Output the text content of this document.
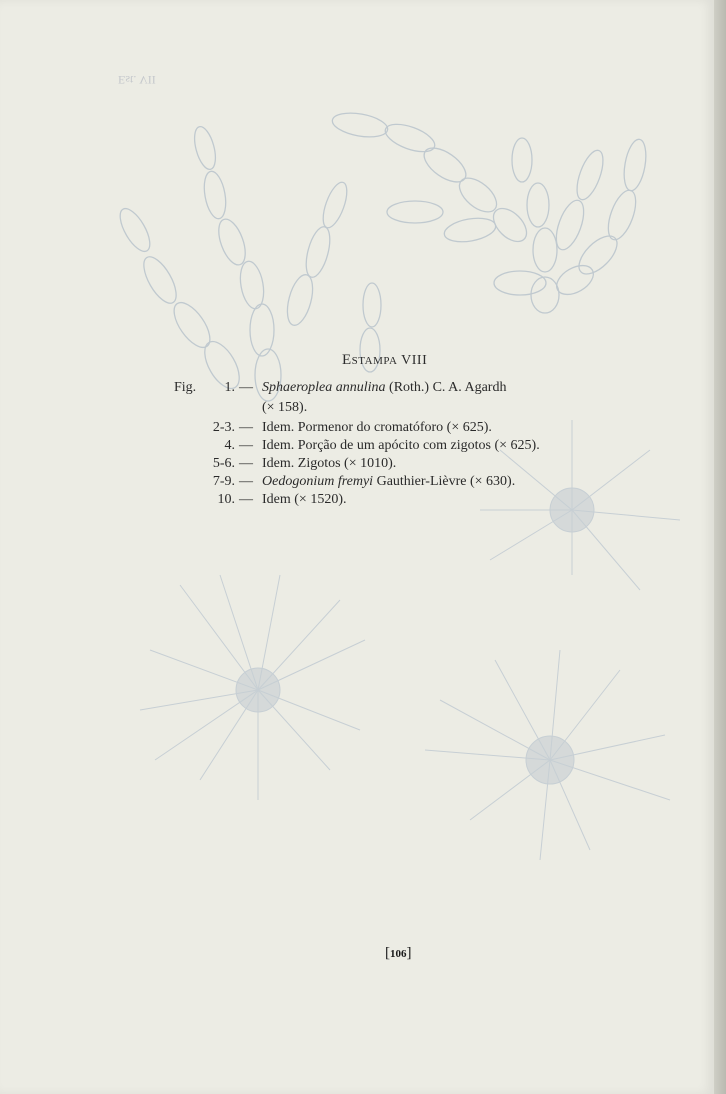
Est. VII
Estampa VIII
Fig.	1. — Sphaeroplea annulina (Roth.) C. A. Agardh
(× 158).
2-3. — Idem. Pormenor do cromatóforo (× 625).
4. — Idem. Porção de um apócito com zigotos (× 625).
5-6. — Idem. Zigotos (× 1010).
7-9. — Oedogonium fremyi Gauthier-Lièvre (× 630).
10. — Idem (× 1520).
[106]
